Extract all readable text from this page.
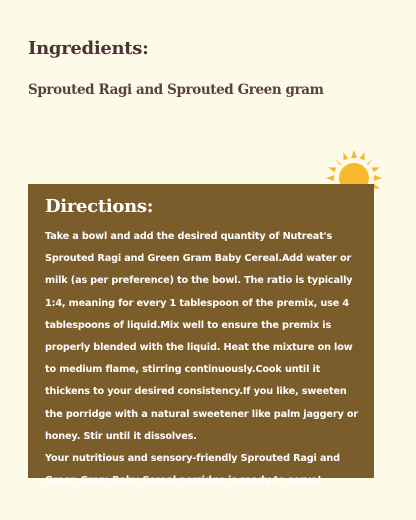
Ingredients:

Sprouted Ragi and Sprouted Green gram

Directions:

Take a bowl and add the desired quantity of Nutreat's Sprouted Ragi and Green Gram Baby Cereal.Add water or milk (as per preference) to the bowl. The ratio is typically 1:4, meaning for every 1 tablespoon of the premix, use 4 tablespoons of liquid.Mix well to ensure the premix is properly blended with the liquid. Heat the mixture on low to medium flame, stirring continuously.Cook until it thickens to your desired consistency.If you like, sweeten the porridge with a natural sweetener like palm jaggery or honey. Stir until it dissolves.

Your nutritious and sensory-friendly Sprouted Ragi and Green Gram Baby Cereal porridge is ready to serve!
